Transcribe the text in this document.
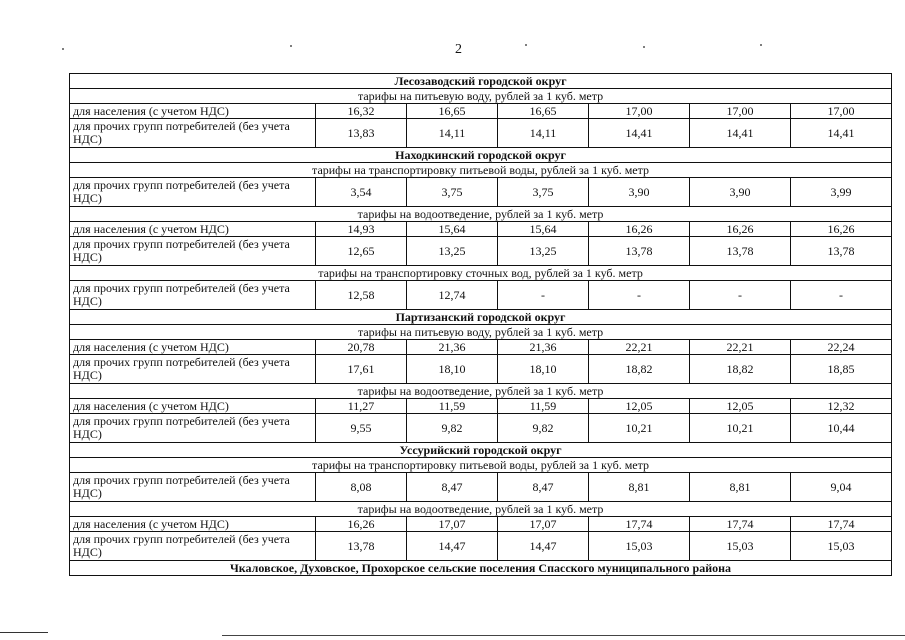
2
Лесозаводский городской округ						
тарифы на питьевую воду, рублей за 1 куб. метр						
для населения (с учетом НДС)	16,32	16,65	16,65	17,00	17,00	17,00
для прочих групп потребителей (без учета НДС)	13,83	14,11	14,11	14,41	14,41	14,41
Находкинский городской округ						
тарифы на транспортировку питьевой воды, рублей за 1 куб. метр						
для прочих групп потребителей (без учета НДС)	3,54	3,75	3,75	3,90	3,90	3,99
тарифы на водоотведение, рублей за 1 куб. метр						
для населения (с учетом НДС)	14,93	15,64	15,64	16,26	16,26	16,26
для прочих групп потребителей (без учета НДС)	12,65	13,25	13,25	13,78	13,78	13,78
тарифы на транспортировку сточных вод, рублей за 1 куб. метр						
для прочих групп потребителей (без учета НДС)	12,58	12,74	-	-	-	-
Партизанский городской округ						
тарифы на питьевую воду, рублей за 1 куб. метр						
для населения (с учетом НДС)	20,78	21,36	21,36	22,21	22,21	22,24
для прочих групп потребителей (без учета НДС)	17,61	18,10	18,10	18,82	18,82	18,85
тарифы на водоотведение, рублей за 1 куб. метр						
для населения (с учетом НДС)	11,27	11,59	11,59	12,05	12,05	12,32
для прочих групп потребителей (без учета НДС)	9,55	9,82	9,82	10,21	10,21	10,44
Уссурийский городской округ						
тарифы на транспортировку питьевой воды, рублей за 1 куб. метр						
для прочих групп потребителей (без учета НДС)	8,08	8,47	8,47	8,81	8,81	9,04
тарифы на водоотведение, рублей за 1 куб. метр						
для населения (с учетом НДС)	16,26	17,07	17,07	17,74	17,74	17,74
для прочих групп потребителей (без учета НДС)	13,78	14,47	14,47	15,03	15,03	15,03
Чкаловское, Духовское, Прохорское сельские поселения Спасского муниципального района						
